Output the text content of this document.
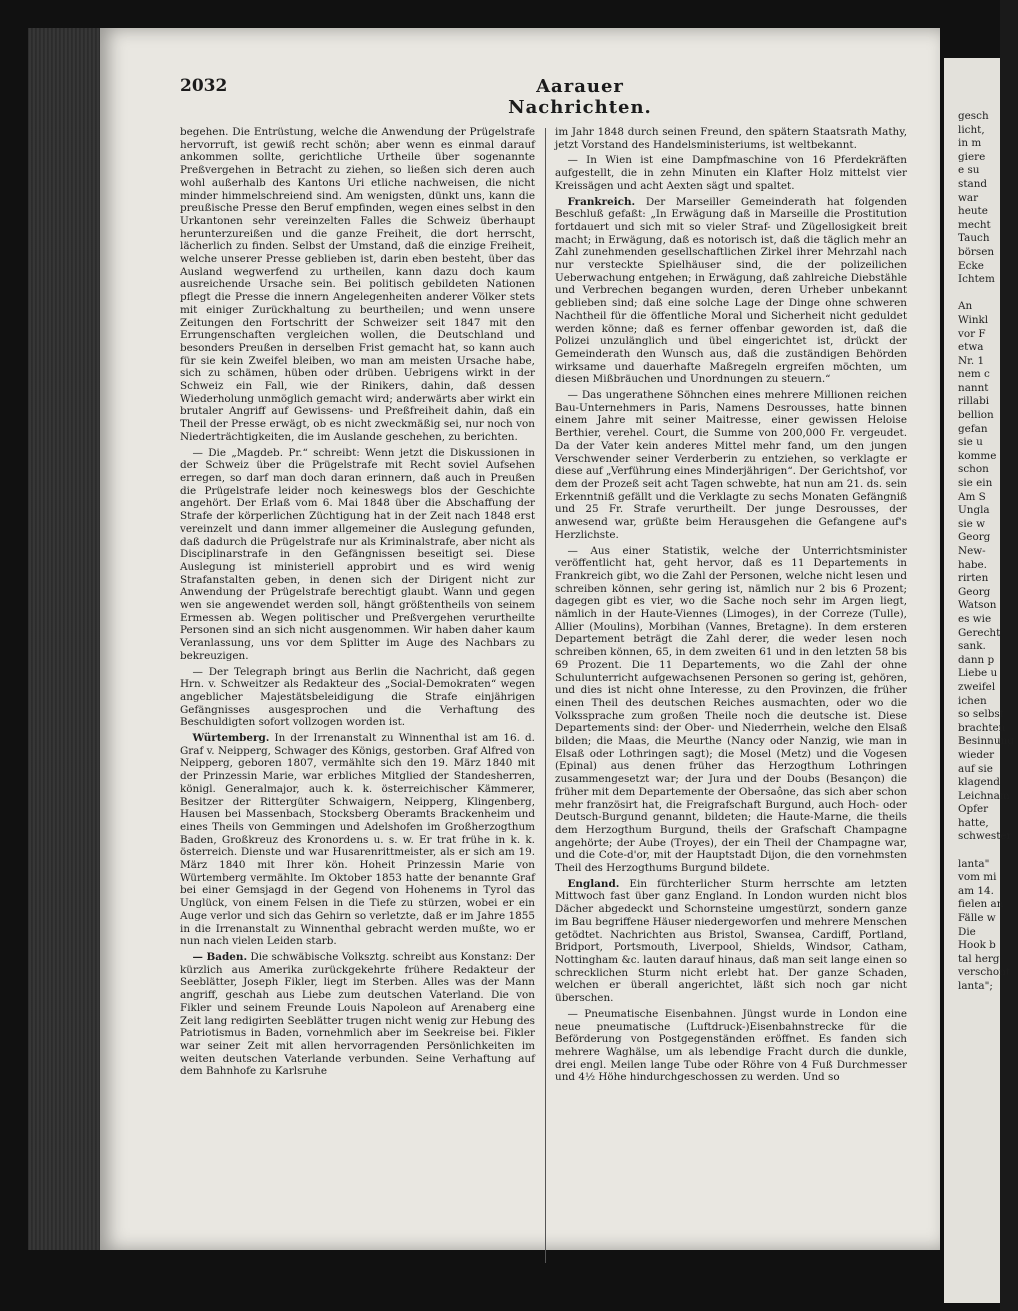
2032	Aarauer Nachrichten.

begehen. Die Entrüstung, welche die Anwendung der Prügelstrafe hervorruft, ist gewiß recht schön; aber wenn es einmal darauf ankommen sollte, gerichtliche Urtheile über sogenannte Preßvergehen in Betracht zu ziehen, so ließen sich deren auch wohl außerhalb des Kantons Uri etliche nachweisen, die nicht minder himmelschreiend sind. Am wenigsten, dünkt uns, kann die preußische Presse den Beruf empfinden, wegen eines selbst in den Urkantonen sehr vereinzelten Falles die Schweiz überhaupt herunterzureißen und die ganze Freiheit, die dort herrscht, lächerlich zu finden. Selbst der Umstand, daß die einzige Freiheit, welche unserer Presse geblieben ist, darin eben besteht, über das Ausland wegwerfend zu urtheilen, kann dazu doch kaum ausreichende Ursache sein. Bei politisch gebildeten Nationen pflegt die Presse die innern Angelegenheiten anderer Völker stets mit einiger Zurückhaltung zu beurtheilen; und wenn unsere Zeitungen den Fortschritt der Schweizer seit 1847 mit den Errungenschaften vergleichen wollen, die Deutschland und besonders Preußen in derselben Frist gemacht hat, so kann auch für sie kein Zweifel bleiben, wo man am meisten Ursache habe, sich zu schämen, hüben oder drüben. Uebrigens wirkt in der Schweiz ein Fall, wie der Rinikers, dahin, daß dessen Wiederholung unmöglich gemacht wird; anderwärts aber wirkt ein brutaler Angriff auf Gewissens- und Preßfreiheit dahin, daß ein Theil der Presse erwägt, ob es nicht zweckmäßig sei, nur noch von Niederträchtigkeiten, die im Auslande geschehen, zu berichten.

— Die „Magdeb. Pr.“ schreibt: Wenn jetzt die Diskussionen in der Schweiz über die Prügelstrafe mit Recht soviel Aufsehen erregen, so darf man doch daran erinnern, daß auch in Preußen die Prügelstrafe leider noch keineswegs blos der Geschichte angehört. Der Erlaß vom 6. Mai 1848 über die Abschaffung der Strafe der körperlichen Züchtigung hat in der Zeit nach 1848 erst vereinzelt und dann immer allgemeiner die Auslegung gefunden, daß dadurch die Prügelstrafe nur als Kriminalstrafe, aber nicht als Disciplinarstrafe in den Gefängnissen beseitigt sei. Diese Auslegung ist ministeriell approbirt und es wird wenig Strafanstalten geben, in denen sich der Dirigent nicht zur Anwendung der Prügelstrafe berechtigt glaubt. Wann und gegen wen sie angewendet werden soll, hängt größtentheils von seinem Ermessen ab. Wegen politischer und Preßvergehen verurtheilte Personen sind an sich nicht ausgenommen. Wir haben daher kaum Veranlassung, uns vor dem Splitter im Auge des Nachbars zu bekreuzigen.

— Der Telegraph bringt aus Berlin die Nachricht, daß gegen Hrn. v. Schweitzer als Redakteur des „Social-Demokraten“ wegen angeblicher Majestätsbeleidigung die Strafe einjährigen Gefängnisses ausgesprochen und die Verhaftung des Beschuldigten sofort vollzogen worden ist.

Würtemberg. In der Irrenanstalt zu Winnenthal ist am 16. d. Graf v. Neipperg, Schwager des Königs, gestorben. Graf Alfred von Neipperg, geboren 1807, vermählte sich den 19. März 1840 mit der Prinzessin Marie, war erbliches Mitglied der Standesherren, königl. Generalmajor, auch k. k. österreichischer Kämmerer, Besitzer der Rittergüter Schwaigern, Neipperg, Klingenberg, Hausen bei Massenbach, Stocksberg Oberamts Brackenheim und eines Theils von Gemmingen und Adelshofen im Großherzogthum Baden, Großkreuz des Kronordens u. s. w. Er trat frühe in k. k. österreich. Dienste und war Husarenrittmeister, als er sich am 19. März 1840 mit Ihrer kön. Hoheit Prinzessin Marie von Würtemberg vermählte. Im Oktober 1853 hatte der benannte Graf bei einer Gemsjagd in der Gegend von Hohenems in Tyrol das Unglück, von einem Felsen in die Tiefe zu stürzen, wobei er ein Auge verlor und sich das Gehirn so verletzte, daß er im Jahre 1855 in die Irrenanstalt zu Winnenthal gebracht werden mußte, wo er nun nach vielen Leiden starb.

— Baden. Die schwäbische Volksztg. schreibt aus Konstanz: Der kürzlich aus Amerika zurückgekehrte frühere Redakteur der Seeblätter, Joseph Fikler, liegt im Sterben. Alles was der Mann angriff, geschah aus Liebe zum deutschen Vaterland. Die von Fikler und seinem Freunde Louis Napoleon auf Arenaberg eine Zeit lang redigirten Seeblätter trugen nicht wenig zur Hebung des Patriotismus in Baden, vornehmlich aber im Seekreise bei. Fikler war seiner Zeit mit allen hervorragenden Persönlichkeiten im weiten deutschen Vaterlande verbunden. Seine Verhaftung auf dem Bahnhofe zu Karlsruhe

im Jahr 1848 durch seinen Freund, den spätern Staatsrath Mathy, jetzt Vorstand des Handelsministeriums, ist weltbekannt.

— In Wien ist eine Dampfmaschine von 16 Pferdekräften aufgestellt, die in zehn Minuten ein Klafter Holz mittelst vier Kreissägen und acht Aexten sägt und spaltet.

Frankreich. Der Marseiller Gemeinderath hat folgenden Beschluß gefaßt: „In Erwägung daß in Marseille die Prostitution fortdauert und sich mit so vieler Straf- und Zügellosigkeit breit macht; in Erwägung, daß es notorisch ist, daß die täglich mehr an Zahl zunehmenden gesellschaftlichen Zirkel ihrer Mehrzahl nach nur versteckte Spielhäuser sind, die der polizeilichen Ueberwachung entgehen; in Erwägung, daß zahlreiche Diebstähle und Verbrechen begangen wurden, deren Urheber unbekannt geblieben sind; daß eine solche Lage der Dinge ohne schweren Nachtheil für die öffentliche Moral und Sicherheit nicht geduldet werden könne; daß es ferner offenbar geworden ist, daß die Polizei unzulänglich und übel eingerichtet ist, drückt der Gemeinderath den Wunsch aus, daß die zuständigen Behörden wirksame und dauerhafte Maßregeln ergreifen möchten, um diesen Mißbräuchen und Unordnungen zu steuern.“

— Das ungerathene Söhnchen eines mehrere Millionen reichen Bau-Unternehmers in Paris, Namens Desrousses, hatte binnen einem Jahre mit seiner Maitresse, einer gewissen Heloise Berthier, verehel. Court, die Summe von 200,000 Fr. vergeudet. Da der Vater kein anderes Mittel mehr fand, um den jungen Verschwender seiner Verderberin zu entziehen, so verklagte er diese auf „Verführung eines Minderjährigen“. Der Gerichtshof, vor dem der Prozeß seit acht Tagen schwebte, hat nun am 21. ds. sein Erkenntniß gefällt und die Verklagte zu sechs Monaten Gefängniß und 25 Fr. Strafe verurtheilt. Der junge Desrousses, der anwesend war, grüßte beim Herausgehen die Gefangene auf's Herzlichste.

— Aus einer Statistik, welche der Unterrichtsminister veröffentlicht hat, geht hervor, daß es 11 Departements in Frankreich gibt, wo die Zahl der Personen, welche nicht lesen und schreiben können, sehr gering ist, nämlich nur 2 bis 6 Prozent; dagegen gibt es vier, wo die Sache noch sehr im Argen liegt, nämlich in der Haute-Viennes (Limoges), in der Correze (Tulle), Allier (Moulins), Morbihan (Vannes, Bretagne). In dem ersteren Departement beträgt die Zahl derer, die weder lesen noch schreiben können, 65, in dem zweiten 61 und in den letzten 58 bis 69 Prozent. Die 11 Departements, wo die Zahl der ohne Schulunterricht aufgewachsenen Personen so gering ist, gehören, und dies ist nicht ohne Interesse, zu den Provinzen, die früher einen Theil des deutschen Reiches ausmachten, oder wo die Volkssprache zum großen Theile noch die deutsche ist. Diese Departements sind: der Ober- und Niederrhein, welche den Elsaß bilden; die Maas, die Meurthe (Nancy oder Nanzig, wie man in Elsaß oder Lothringen sagt); die Mosel (Metz) und die Vogesen (Epinal) aus denen früher das Herzogthum Lothringen zusammengesetzt war; der Jura und der Doubs (Besançon) die früher mit dem Departemente der Obersaône, das sich aber schon mehr französirt hat, die Freigrafschaft Burgund, auch Hoch- oder Deutsch-Burgund genannt, bildeten; die Haute-Marne, die theils dem Herzogthum Burgund, theils der Grafschaft Champagne angehörte; der Aube (Troyes), der ein Theil der Champagne war, und die Cote-d'or, mit der Hauptstadt Dijon, die den vornehmsten Theil des Herzogthums Burgund bildete.

England. Ein fürchterlicher Sturm herrschte am letzten Mittwoch fast über ganz England. In London wurden nicht blos Dächer abgedeckt und Schornsteine umgestürzt, sondern ganze im Bau begriffene Häuser niedergeworfen und mehrere Menschen getödtet. Nachrichten aus Bristol, Swansea, Cardiff, Portland, Bridport, Portsmouth, Liverpool, Shields, Windsor, Catham, Nottingham &c. lauten darauf hinaus, daß man seit lange einen so schrecklichen Sturm nicht erlebt hat. Der ganze Schaden, welchen er überall angerichtet, läßt sich noch gar nicht überschen.

— Pneumatische Eisenbahnen. Jüngst wurde in London eine neue pneumatische (Luftdruck-)Eisenbahnstrecke für die Beförderung von Postgegenständen eröffnet. Es fanden sich mehrere Waghälse, um als lebendige Fracht durch die dunkle, drei engl. Meilen lange Tube oder Röhre von 4 Fuß Durchmesser und 4½ Höhe hindurchgeschossen zu werden. Und so

gesch
licht,
in m
giere
e su
stand
war
heute
mecht
Tauch
börsen
Ecke
Ichtem

An
Winkl
vor F
etwa
Nr. 1
nem c
nannt
rillabi
bellion
gefan
sie u
komme
schon
sie ein
Am S
Ungla
sie w
Georg
New-
habe.
rirten
Georg
Watson
es wie
Gerecht
sank.
dann p
Liebe u
zweifel
ichen
so selbst
brachten
Besinnung
wieder
auf sie
klagend
Leichnam
Opfer
hatte,
schwester

lanta"
vom mi
am 14.
fielen an
Fälle w
Die
Hook b
tal herg
verschont
lanta";
